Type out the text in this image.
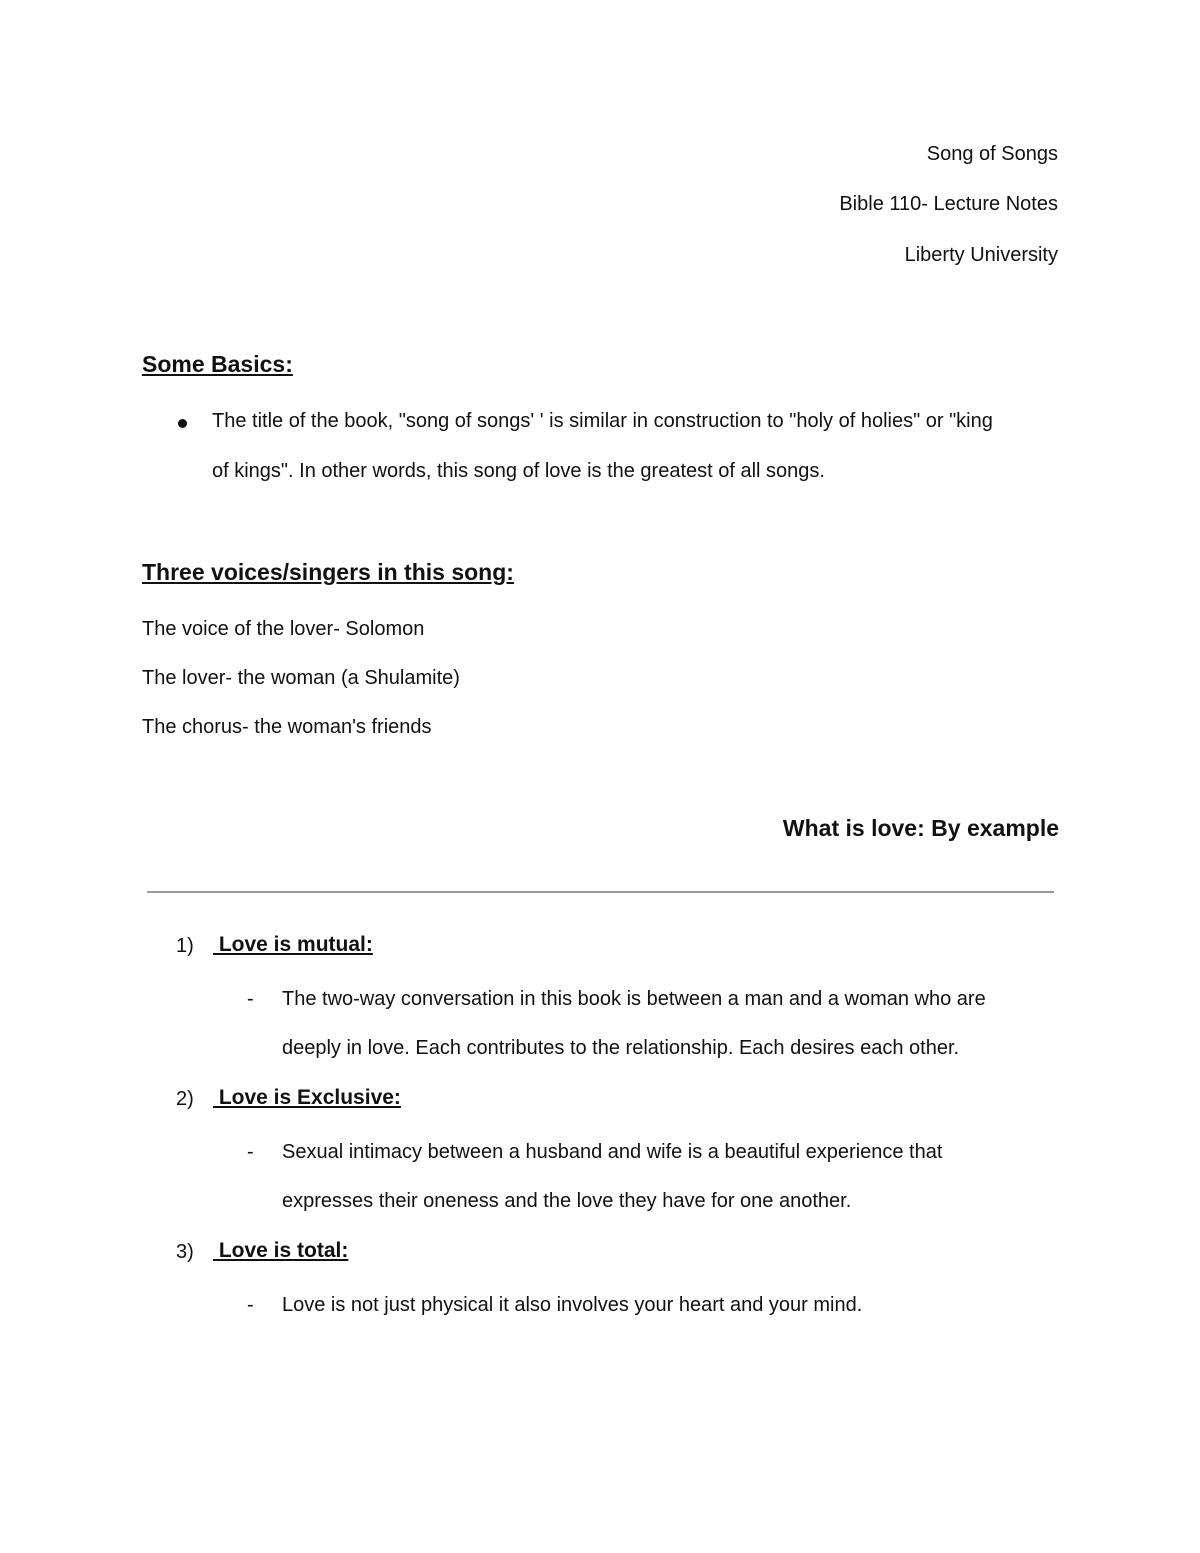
Song of Songs
Bible 110- Lecture Notes
Liberty University
Some Basics:
The title of the book, "song of songs' ' is similar in construction to "holy of holies" or "king
of kings". In other words, this song of love is the greatest of all songs.
Three voices/singers in this song:
The voice of the lover- Solomon
The lover- the woman (a Shulamite)
The chorus- the woman's friends
What is love: By example
1) Love is mutual:
- The two-way conversation in this book is between a man and a woman who are
deeply in love. Each contributes to the relationship. Each desires each other.
2) Love is Exclusive:
- Sexual intimacy between a husband and wife is a beautiful experience that
expresses their oneness and the love they have for one another.
3) Love is total:
- Love is not just physical it also involves your heart and your mind.
